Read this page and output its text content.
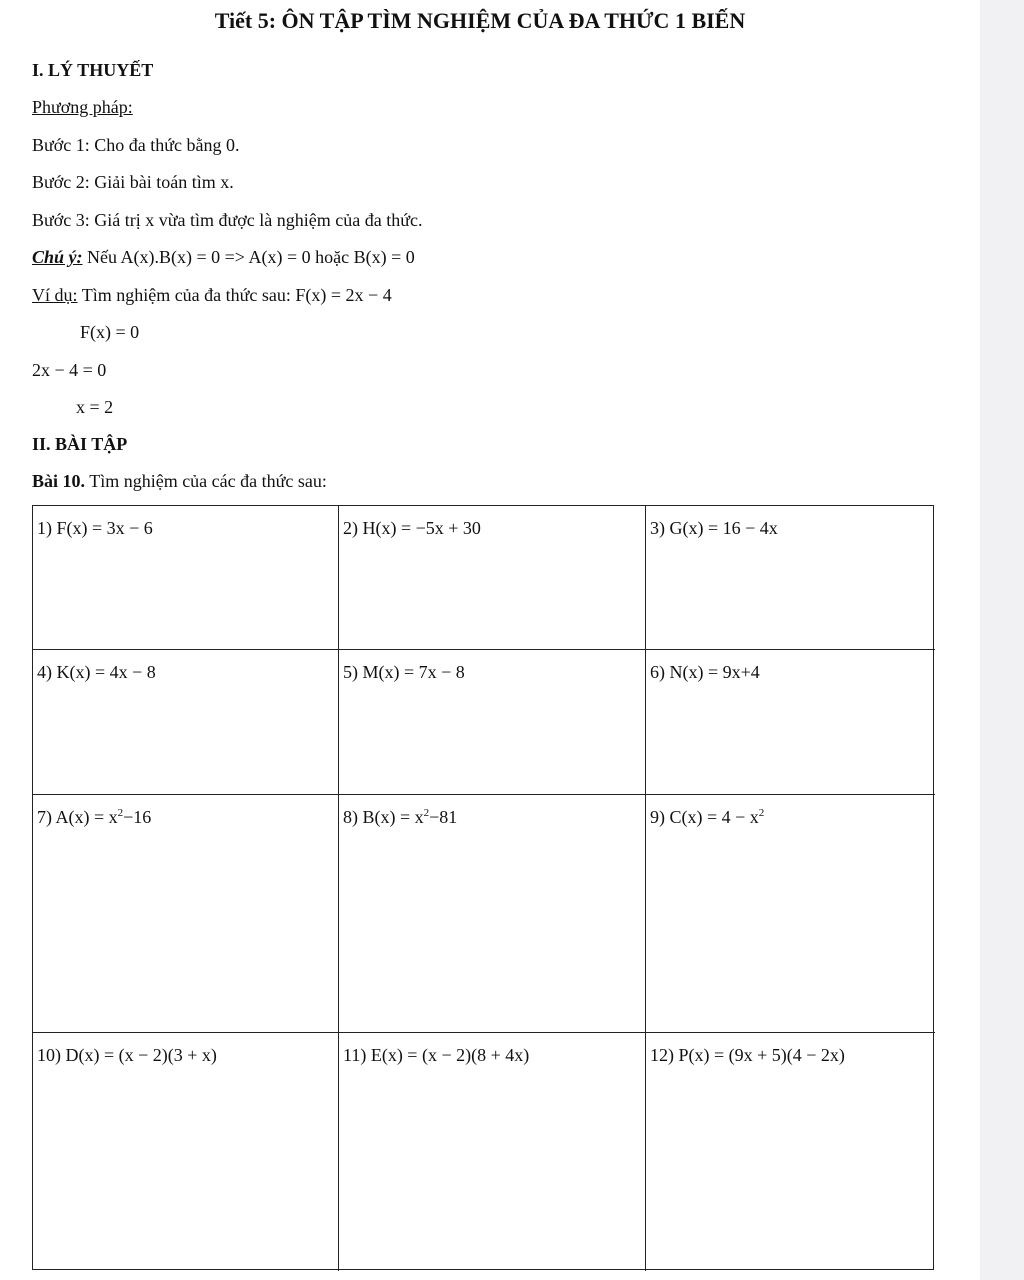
Tiết 5: ÔN TẬP TÌM NGHIỆM CỦA ĐA THỨC 1 BIẾN
I. LÝ THUYẾT
Phương pháp:
Bước 1: Cho đa thức bằng 0.
Bước 2: Giải bài toán tìm x.
Bước 3: Giá trị x vừa tìm được là nghiệm của đa thức.
Chú ý: Nếu A(x).B(x) = 0 => A(x) = 0 hoặc B(x) = 0
Ví dụ: Tìm nghiệm của đa thức sau: F(x) = 2x − 4
F(x) = 0
2x − 4 = 0
x = 2
II. BÀI TẬP
Bài 10. Tìm nghiệm của các đa thức sau:
1) F(x) = 3x − 6	2) H(x) = −5x + 30	3) G(x) = 16 − 4x
4) K(x) = 4x − 8	5) M(x) = 7x − 8	6) N(x) = 9x+4
7) $A(x) = x^2-16$	8) $B(x) = x^2-81$	9) $C(x) = 4 - x^2$
10) D(x) = (x − 2)(3 + x)	11) E(x) = (x − 2)(8 + 4x)	12) P(x) = (9x + 5)(4 − 2x)
